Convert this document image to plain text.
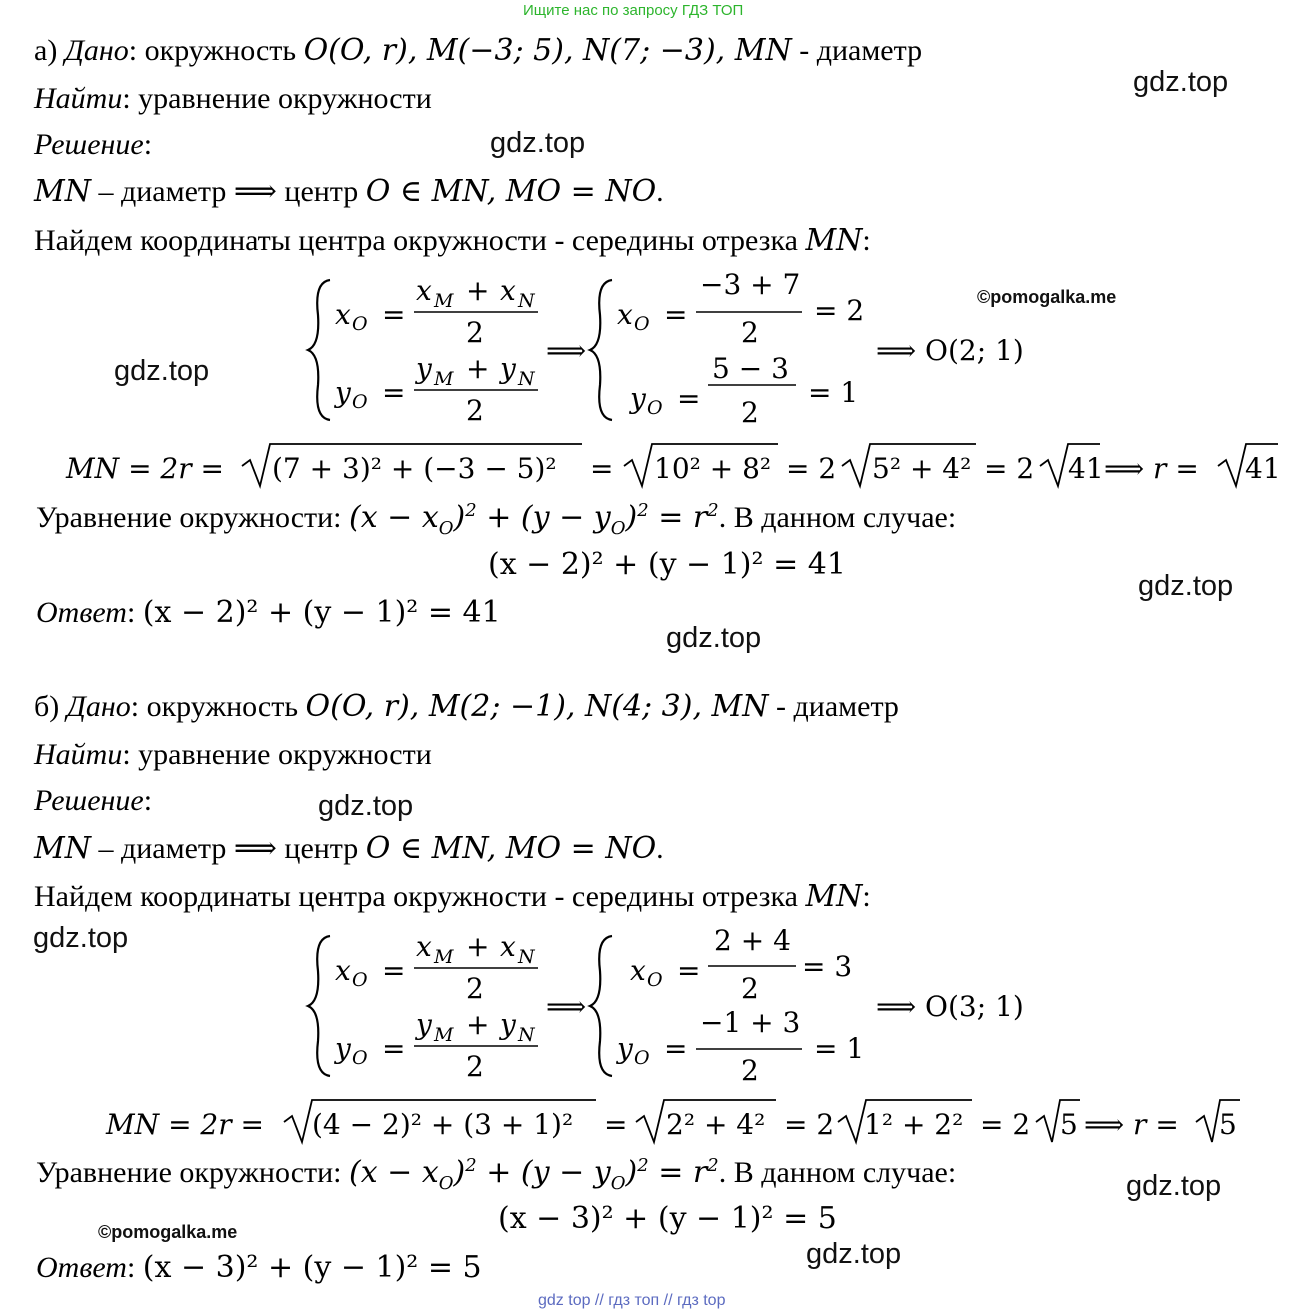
Ищите нас по запросу ГДЗ ТОП
gdz top // гдз топ // гдз top
gdz.top
gdz.top
gdz.top
gdz.top
gdz.top
gdz.top
gdz.top
gdz.top
gdz.top
©pomogalka.me
©pomogalka.me
а) Дано: окружность O(O, r), M(−3; 5), N(7; −3), MN - диаметр
Найти: уравнение окружности
Решение:
MN – диаметр ⟹ центр O ∈ MN, MO = NO.
Найдем координаты центра окружности - середины отрезка MN:
x O =
x M + x N
2
y O =
y M + y N
2
⟹
x O =
−3 + 7
2
= 2
y O =
5 − 3
2
= 1
⟹ O(2; 1)
MN = 2r = (7 + 3)² + (−3 − 5)² = 10² + 8² = 2 5² + 4² = 2 41 ⟹ r = 41
Уравнение окружности: $(x - x_O)^2 + (y - y_O)^2 = r^2$. В данном случае:
(x − 2)² + (y − 1)² = 41
Ответ: (x − 2)² + (y − 1)² = 41
б) Дано: окружность O(O, r), M(2; −1), N(4; 3), MN - диаметр
Найти: уравнение окружности
Решение:
MN – диаметр ⟹ центр O ∈ MN, MO = NO.
Найдем координаты центра окружности - середины отрезка MN:
x O =
x M + x N
2
y O =
y M + y N
2
⟹
x O =
2 + 4
2
= 3
y O =
−1 + 3
2
= 1
⟹ O(3; 1)
MN = 2r = (4 − 2)² + (3 + 1)² = 2² + 4² = 2 1² + 2² = 2 5 ⟹ r = 5
Уравнение окружности: $(x - x_O)^2 + (y - y_O)^2 = r^2$. В данном случае:
(x − 3)² + (y − 1)² = 5
Ответ: (x − 3)² + (y − 1)² = 5
